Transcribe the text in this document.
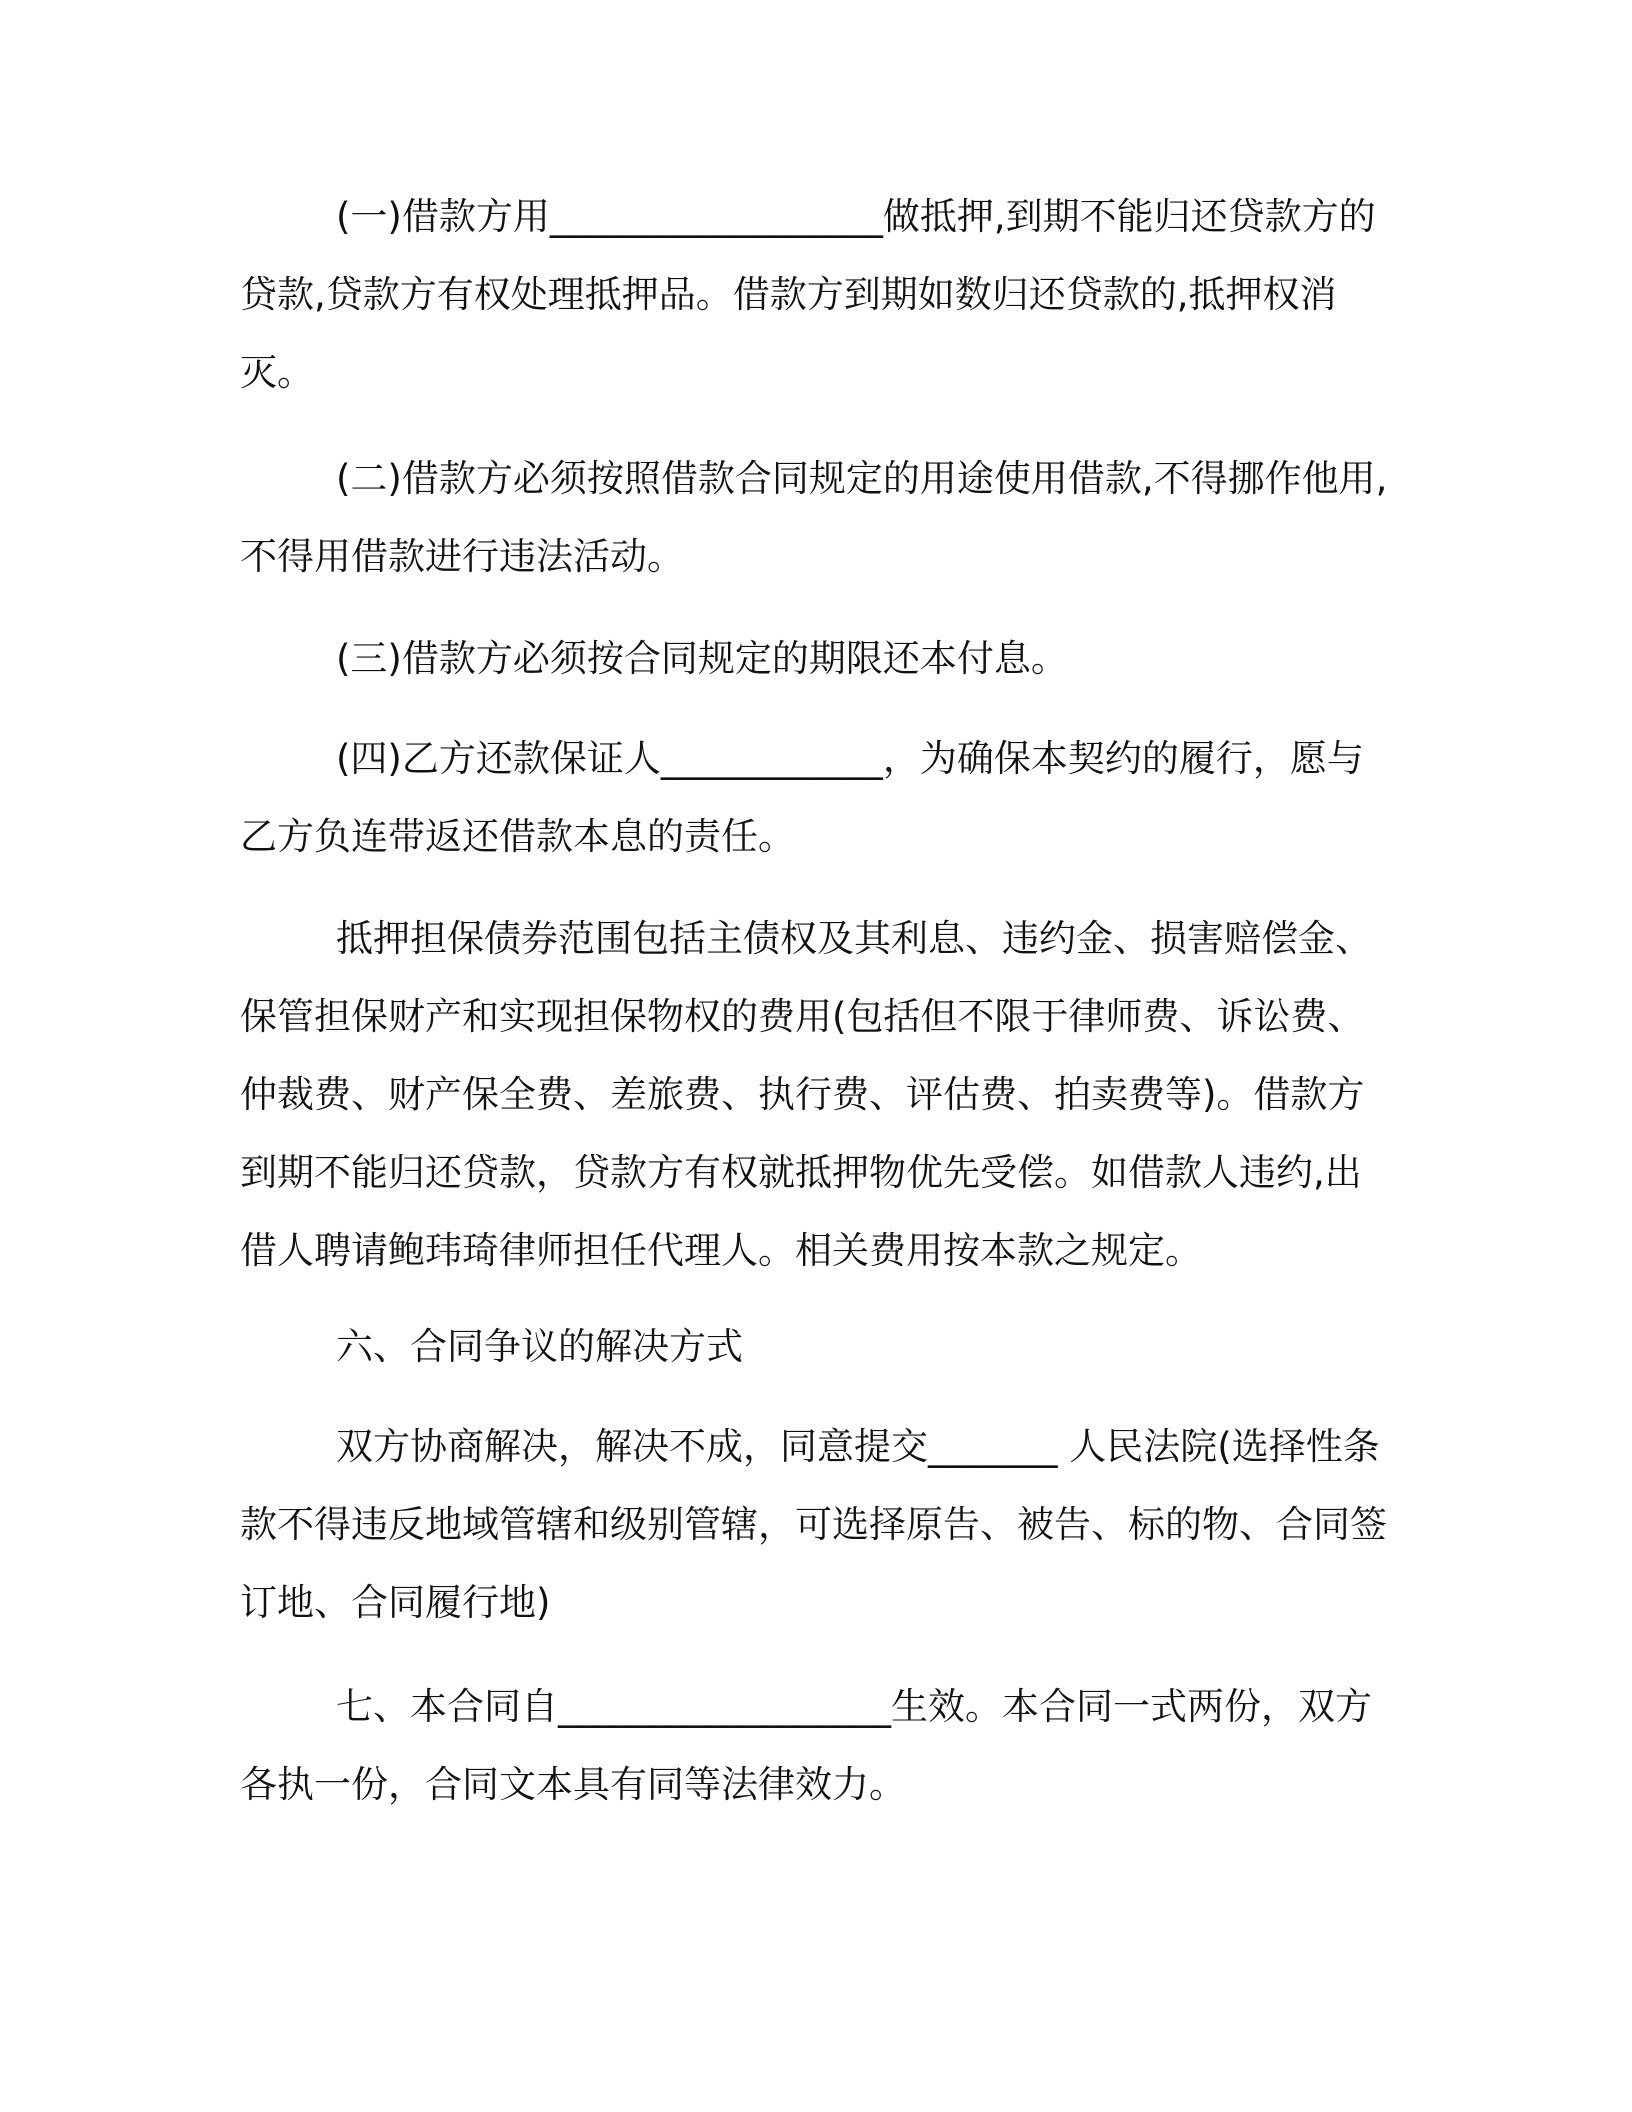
(一)借款方用__________________做抵押,到期不能归还贷款方的贷款,贷款方有权处理抵押品。借款方到期如数归还贷款的,抵押权消灭。

(二)借款方必须按照借款合同规定的用途使用借款,不得挪作他用,不得用借款进行违法活动。

(三)借款方必须按合同规定的期限还本付息。

(四)乙方还款保证人____________，为确保本契约的履行，愿与乙方负连带返还借款本息的责任。

抵押担保债券范围包括主债权及其利息、违约金、损害赔偿金、保管担保财产和实现担保物权的费用(包括但不限于律师费、诉讼费、仲裁费、财产保全费、差旅费、执行费、评估费、拍卖费等)。借款方到期不能归还贷款，贷款方有权就抵押物优先受偿。如借款人违约,出借人聘请鲍玮琦律师担任代理人。相关费用按本款之规定。

六、合同争议的解决方式

双方协商解决，解决不成，同意提交_______ 人民法院(选择性条款不得违反地域管辖和级别管辖，可选择原告、被告、标的物、合同签订地、合同履行地)

七、本合同自__________________生效。本合同一式两份，双方各执一份，合同文本具有同等法律效力。
